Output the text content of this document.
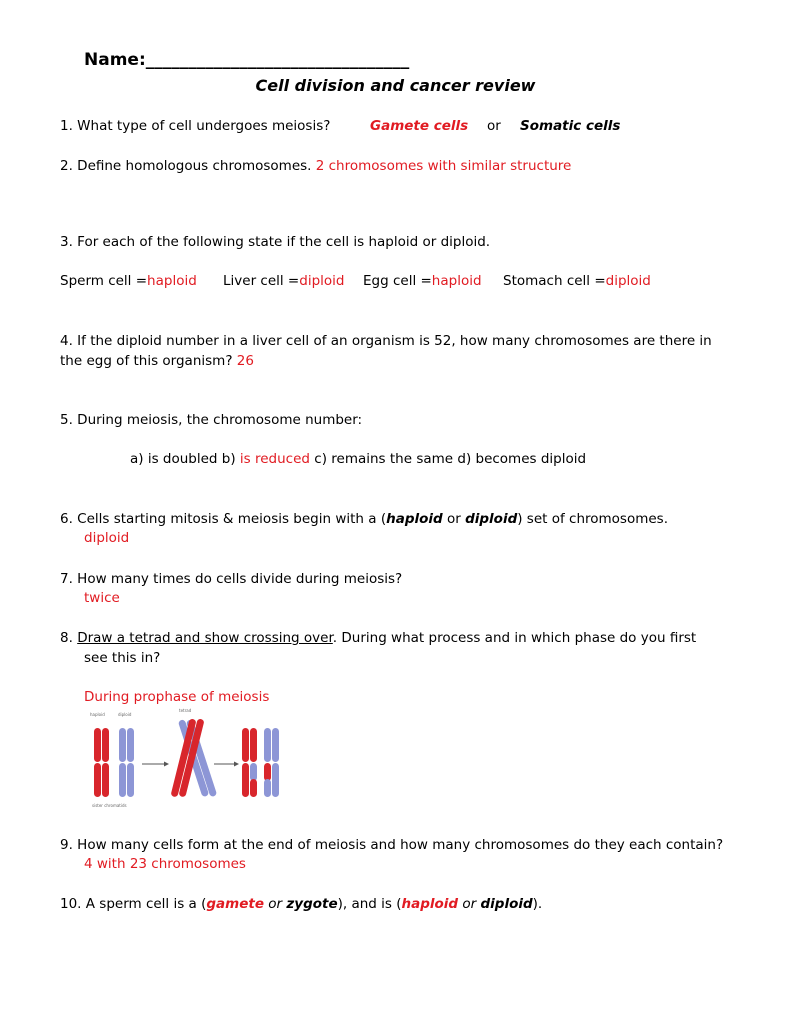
Name:_______________________________
Cell division and cancer review
1. What type of cell undergoes meiosis?	Gamete cells or Somatic cells
2. Define homologous chromosomes. 2 chromosomes with similar structure
3. For each of the following state if the cell is haploid or diploid.
Sperm cell =haploid Liver cell =diploid Egg cell =haploid Stomach cell =diploid
4. If the diploid number in a liver cell of an organism is 52, how many chromosomes are there in
the egg of this organism? 26
5. During meiosis, the chromosome number:
a) is doubled b) is reduced c) remains the same d) becomes diploid
6. Cells starting mitosis & meiosis begin with a (haploid or diploid) set of chromosomes.
diploid
7. How many times do cells divide during meiosis?
twice
8. Draw a tetrad and show crossing over. During what process and in which phase do you first
see this in?
During prophase of meiosis
haploid	diploid
tetrad
sister chromatids
9. How many cells form at the end of meiosis and how many chromosomes do they each contain?
4 with 23 chromosomes
10. A sperm cell is a (gamete or zygote), and is (haploid or diploid).
